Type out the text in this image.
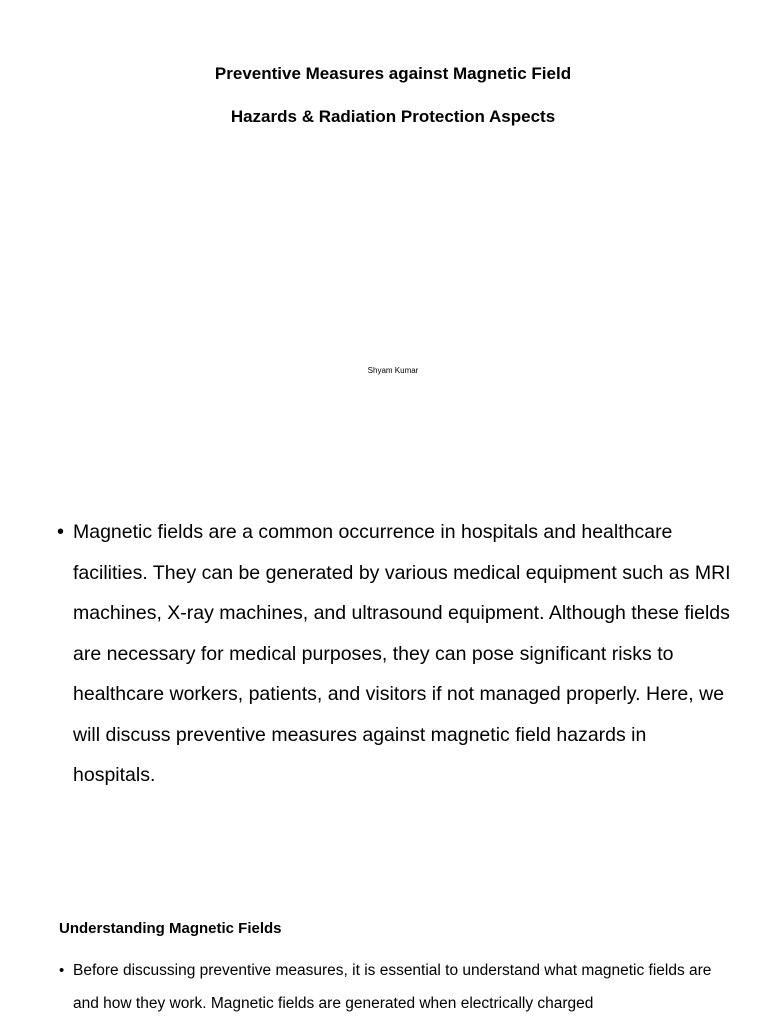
Preventive Measures against Magnetic Field
Hazards & Radiation Protection Aspects
Shyam Kumar
• Magnetic fields are a common occurrence in hospitals and healthcare facilities. They can be generated by various medical equipment such as MRI machines, X-ray machines, and ultrasound equipment. Although these fields are necessary for medical purposes, they can pose significant risks to healthcare workers, patients, and visitors if not managed properly. Here, we will discuss preventive measures against magnetic field hazards in hospitals.

Understanding Magnetic Fields
• Before discussing preventive measures, it is essential to understand what magnetic fields are and how they work. Magnetic fields are generated when electrically charged
